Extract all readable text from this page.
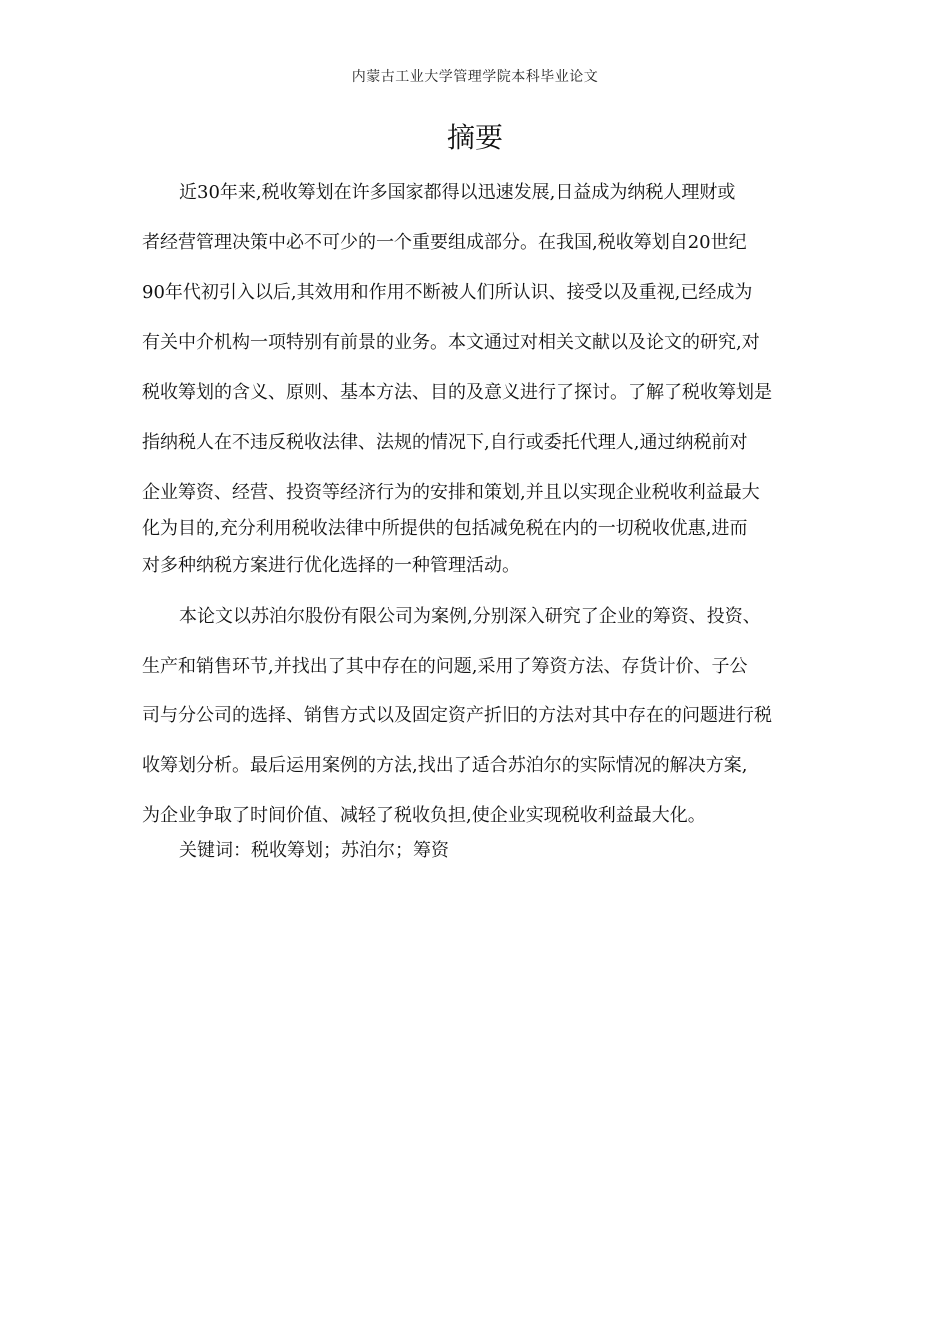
内蒙古工业大学管理学院本科毕业论文
摘要
近30年来,税收筹划在许多国家都得以迅速发展,日益成为纳税人理财或
者经营管理决策中必不可少的一个重要组成部分。在我国,税收筹划自20世纪
90年代初引入以后,其效用和作用不断被人们所认识、接受以及重视,已经成为
有关中介机构一项特别有前景的业务。本文通过对相关文献以及论文的研究,对
税收筹划的含义、原则、基本方法、目的及意义进行了探讨。了解了税收筹划是
指纳税人在不违反税收法律、法规的情况下,自行或委托代理人,通过纳税前对
企业筹资、经营、投资等经济行为的安排和策划,并且以实现企业税收利益最大
化为目的,充分利用税收法律中所提供的包括减免税在内的一切税收优惠,进而
对多种纳税方案进行优化选择的一种管理活动。
本论文以苏泊尔股份有限公司为案例,分别深入研究了企业的筹资、投资、
生产和销售环节,并找出了其中存在的问题,采用了筹资方法、存货计价、子公
司与分公司的选择、销售方式以及固定资产折旧的方法对其中存在的问题进行税
收筹划分析。最后运用案例的方法,找出了适合苏泊尔的实际情况的解决方案,
为企业争取了时间价值、减轻了税收负担,使企业实现税收利益最大化。
关键词：税收筹划；苏泊尔；筹资
